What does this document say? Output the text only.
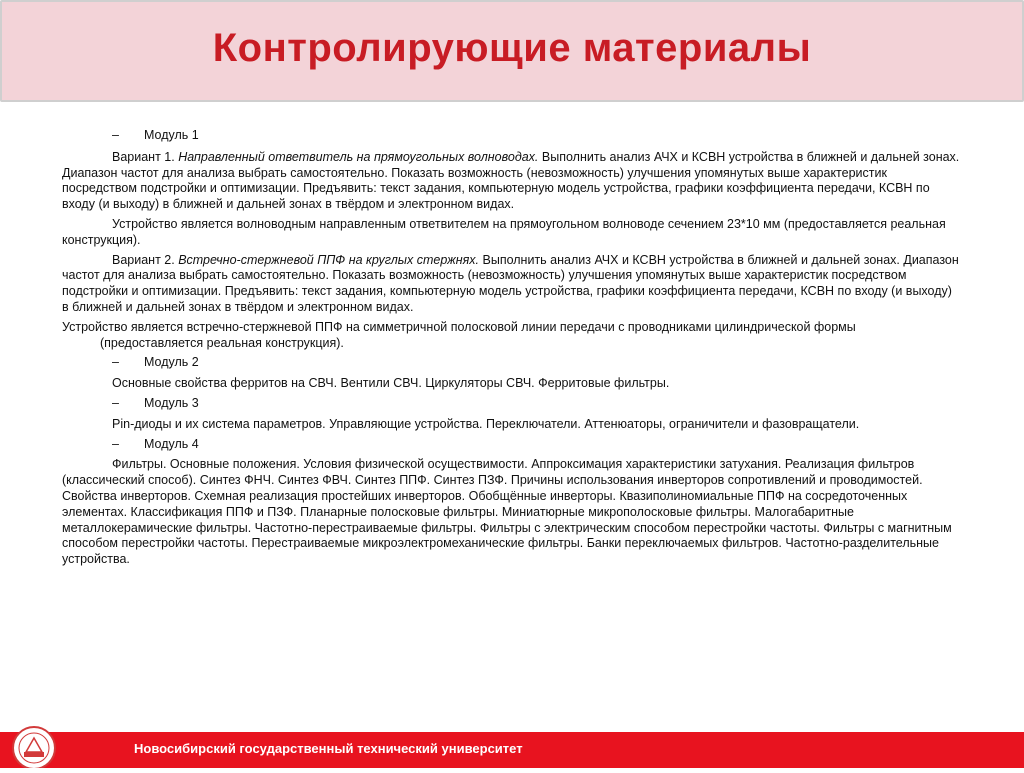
Контролирующие материалы
–	Модуль 1

Вариант 1. Направленный ответвитель на прямоугольных волноводах. Выполнить анализ АЧХ и КСВН устройства в ближней и дальней зонах. Диапазон частот для анализа выбрать самостоятельно. Показать возможность (невозможность) улучшения упомянутых выше характеристик посредством подстройки и оптимизации. Предъявить: текст задания, компьютерную модель устройства, графики коэффициента передачи, КСВН по входу (и выходу) в ближней и дальней зонах в твёрдом и электронном видах.

Устройство является волноводным направленным ответвителем на прямоугольном волноводе сечением 23*10 мм (предоставляется реальная конструкция).

Вариант 2. Встречно-стержневой ППФ на круглых стержнях. Выполнить анализ АЧХ и КСВН устройства в ближней и дальней зонах. Диапазон частот для анализа выбрать самостоятельно. Показать возможность (невозможность) улучшения упомянутых выше характеристик посредством подстройки и оптимизации. Предъявить: текст задания, компьютерную модель устройства, графики коэффициента передачи, КСВН по входу (и выходу) в ближней и дальней зонах в твёрдом и электронном видах.

Устройство является встречно-стержневой ППФ на симметричной полосковой линии передачи с проводниками цилиндрической формы (предоставляется реальная конструкция).

–	Модуль 2

Основные свойства ферритов на СВЧ. Вентили СВЧ. Циркуляторы СВЧ. Ферритовые фильтры.

–	Модуль 3

Pin-диоды и их система параметров. Управляющие устройства. Переключатели. Аттенюаторы, ограничители и фазовращатели.

–	Модуль 4

Фильтры. Основные положения. Условия физической осуществимости. Аппроксимация характеристики затухания. Реализация фильтров (классический способ). Синтез ФНЧ. Синтез ФВЧ. Синтез ППФ. Синтез ПЗФ. Причины использования инверторов сопротивлений и проводимостей. Свойства инверторов. Схемная реализация простейших инверторов. Обобщённые инверторы. Квазиполиномиальные ППФ на сосредоточенных элементах. Классификация ППФ и ПЗФ. Планарные полосковые фильтры. Миниатюрные микрополосковые фильтры. Малогабаритные металлокерамические фильтры. Частотно-перестраиваемые фильтры. Фильтры с электрическим способом перестройки частоты. Фильтры с магнитным способом перестройки частоты. Перестраиваемые микроэлектромеханические фильтры. Банки переключаемых фильтров. Частотно-разделительные устройства.

Новосибирский государственный технический университет
